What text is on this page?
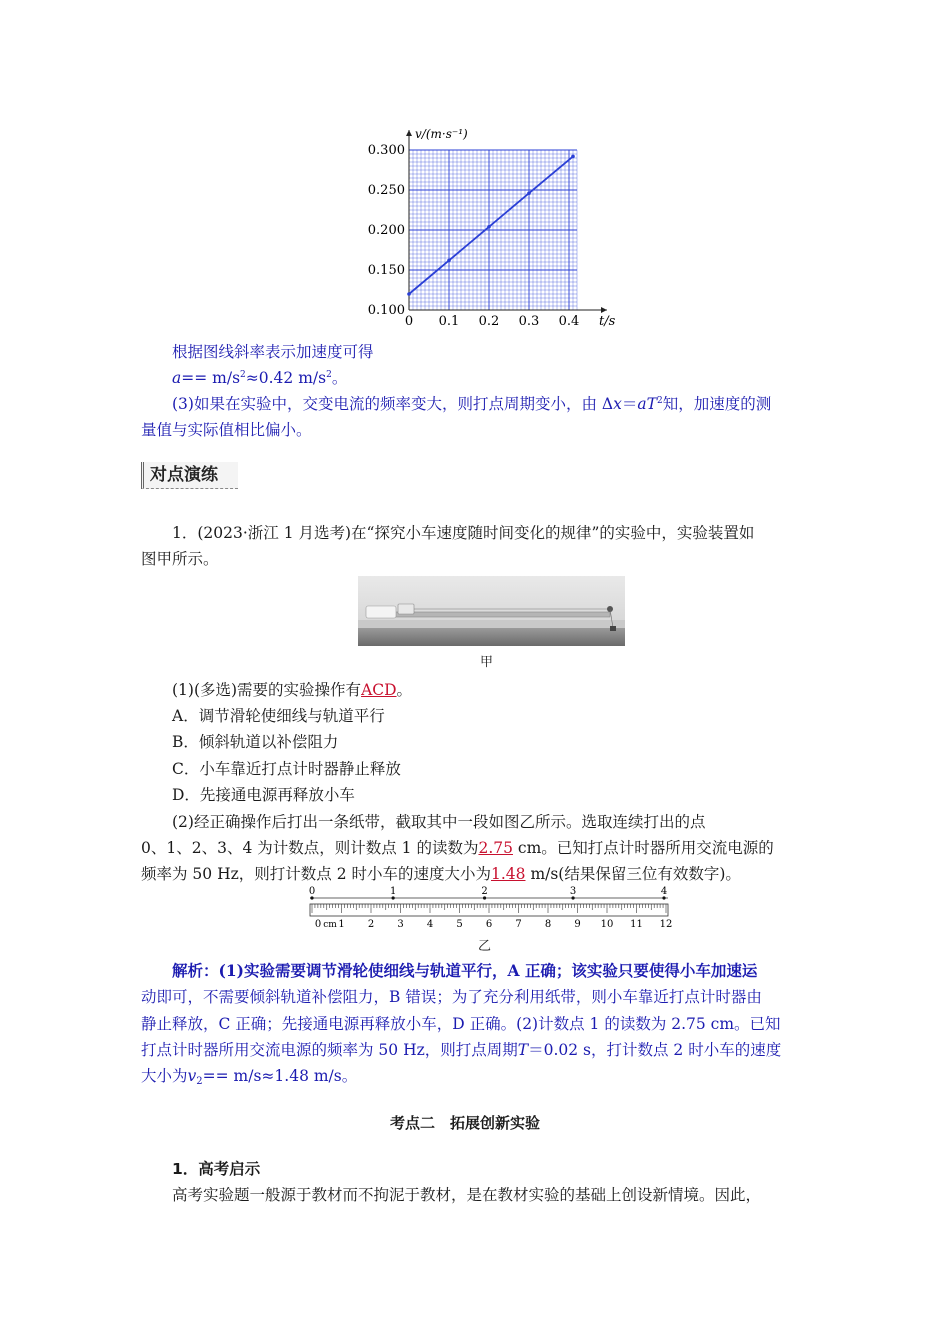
0 0.1 0.2 0.3 0.4
0.100
0.150
0.200
0.250
0.300
v/(m·s⁻¹)
t/s
根据图线斜率表示加速度可得
$a== m/s^2\approx 0.42$ $m/s^2$。
(3)如果在实验中，交变电流的频率变大，则打点周期变小，由 $\Delta x=aT^2$知，加速度的测
量值与实际值相比偏小。
对点演练
1．(2023·浙江 1 月选考)在“探究小车速度随时间变化的规律”的实验中，实验装置如
图甲所示。
甲
(1)(多选)需要的实验操作有ACD。
A．调节滑轮使细线与轨道平行
B．倾斜轨道以补偿阻力
C．小车靠近打点计时器静止释放
D．先接通电源再释放小车
(2)经正确操作后打出一条纸带，截取其中一段如图乙所示。选取连续打出的点
0、1、2、3、4 为计数点，则计数点 1 的读数为2.75 cm。已知打点计时器所用交流电源的
频率为 50 Hz，则打计数点 2 时小车的速度大小为1.48 m/s(结果保留三位有效数字)。
0 1 2 3 4 5 6 7 8 9 10 11 12
cm
0	1	2	3	4
乙
解析：(1)实验需要调节滑轮使细线与轨道平行，A 正确；该实验只要使得小车加速运
动即可，不需要倾斜轨道补偿阻力，B 错误；为了充分利用纸带，则小车靠近打点计时器由
静止释放，C 正确；先接通电源再释放小车，D 正确。(2)计数点 1 的读数为 2.75 cm。已知
打点计时器所用交流电源的频率为 50 Hz，则打点周期T＝0.02 s，打计数点 2 时小车的速度
大小为$v_2== m/s\approx 1.48$ m/s。
考点二　拓展创新实验
1．高考启示
高考实验题一般源于教材而不拘泥于教材，是在教材实验的基础上创设新情境。因此，
